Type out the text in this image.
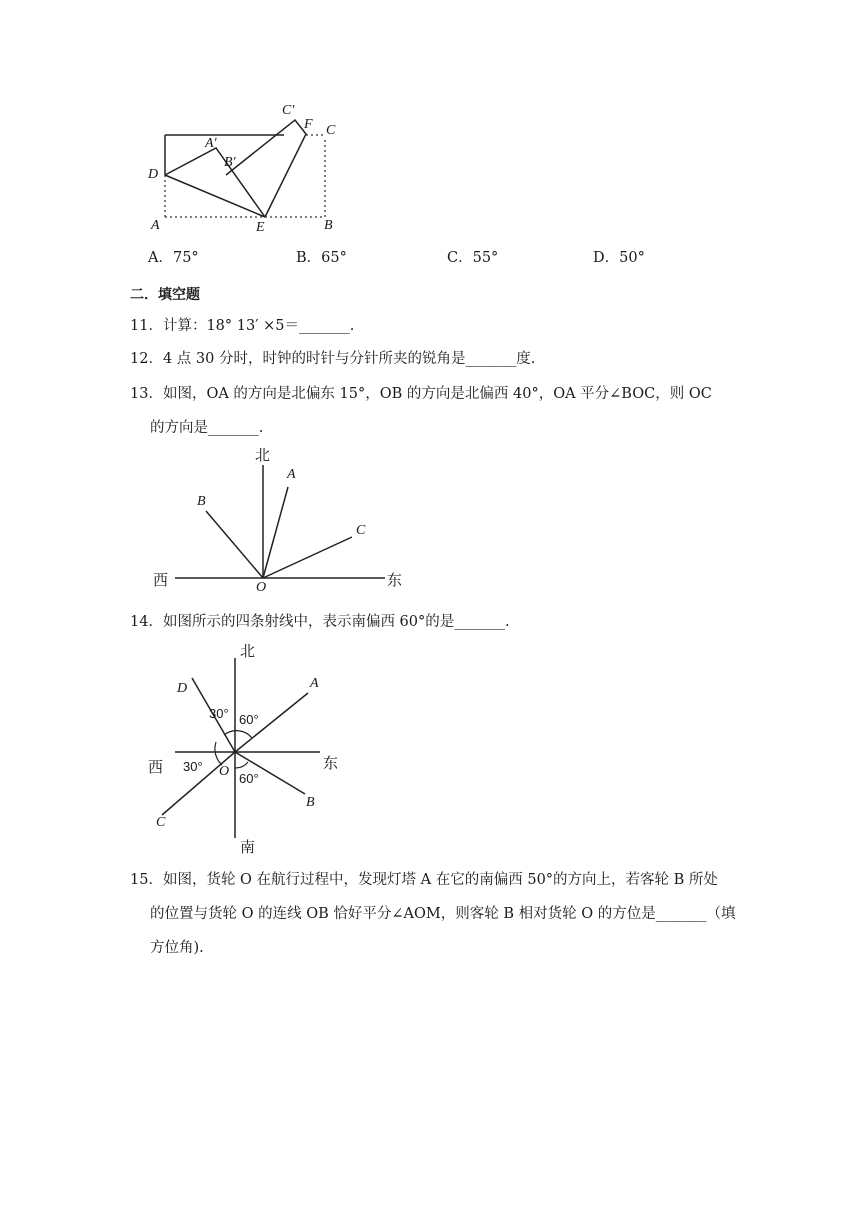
C′
F C
A′
B′
D
A	E	B
A．75°	B．65°	C．55°	D．50°
二．填空题
11．计算：18° 13′ ×5＝_______.
12．4 点 30 分时，时钟的时针与分针所夹的锐角是_______度.
13．如图，OA 的方向是北偏东 15°，OB 的方向是北偏西 40°，OA 平分∠BOC，则 OC
的方向是_______.
北
A
B
C
西	东
O
14．如图所示的四条射线中，表示南偏西 60°的是_______.
北
D	A
30° 60°
西 30° O 60°
东
B
C
南
15．如图，货轮 O 在航行过程中，发现灯塔 A 在它的南偏西 50°的方向上，若客轮 B 所处
的位置与货轮 O 的连线 OB 恰好平分∠AOM，则客轮 B 相对货轮 O 的方位是_______（填
方位角).
